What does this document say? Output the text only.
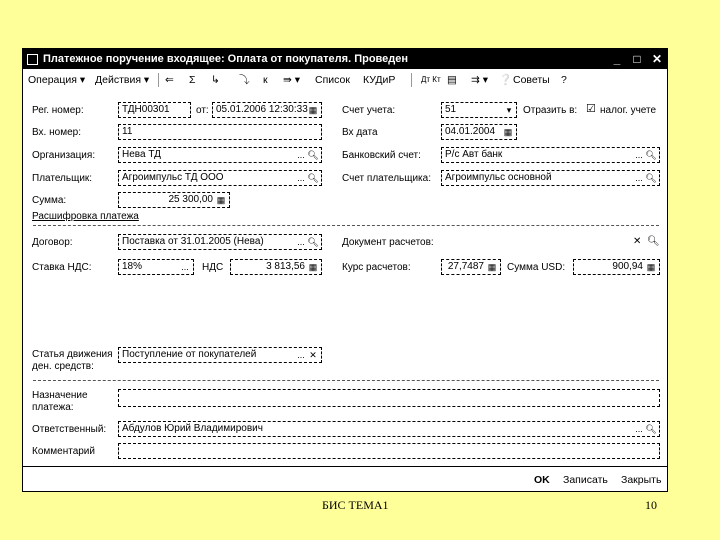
Платежное поручение входящее: Оплата от покупателя. Проведен	_	□ ✕
Операция ▾ Действия ▾ ⇐ Σ ↳ ⤵ к ⇛ ▾ Список КУДиР	Дт Кт ▤ ⇉ ▾ ❔ Советы ?
Рег. номер:	ТДН00301	от: 05.01.2006 12:30:33 ▦ Счет учета:	51	▾ Отразить в: ☑ налог. учете
Вх. номер:	11	Вх дата	04.01.2004 ▦
Организация:	Нева ТД	... 🔍︎ Банковский счет:	Р/с Авт банк	... 🔍︎
Плательщик:	Агроимпульс ТД ООО	... 🔍︎ Счет плательщика:	Агроимпульс основной	... 🔍︎
Сумма:	25 300,00 ▦
Расшифровка платежа
Договор:	Поставка от 31.01.2005 (Нева)	... 🔍︎ Документ расчетов:	✕ 🔍︎
Ставка НДС:	18%	... НДС	3 813,56 ▦ Курс расчетов:	27,7487 ▦ Сумма USD:	900,94 ▦
Статья движения
ден. средств:
Поступление от покупателей	... ✕
Назначение
платежа:
Ответственный:	Абдулов Юрий Владимирович	... 🔍︎
Комментарий
OK Записать Закрыть
БИС ТЕМА1	10
